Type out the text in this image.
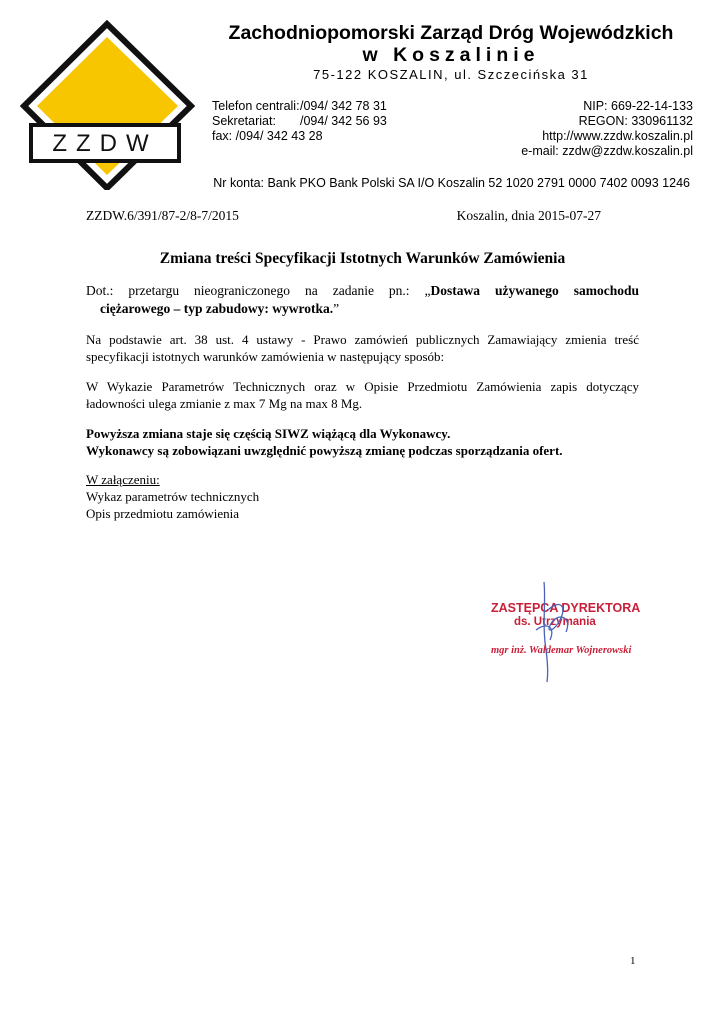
ZZDW
Zachodniopomorski Zarząd Dróg Wojewódzkich
w Koszalinie
75-122 KOSZALIN, ul. Szczecińska 31
Telefon centrali:/094/ 342 78 31
Sekretariat: /094/ 342 56 93
fax: /094/ 342 43 28
NIP: 669-22-14-133
REGON: 330961132
http://www.zzdw.koszalin.pl
e-mail: zzdw@zzdw.koszalin.pl
Nr konta: Bank PKO Bank Polski SA I/O Koszalin 52 1020 2791 0000 7402 0093 1246
ZZDW.6/391/87-2/8-7/2015	Koszalin, dnia 2015-07-27
Zmiana treści Specyfikacji Istotnych Warunków Zamówienia
Dot.: przetargu nieograniczonego na zadanie pn.: „Dostawa używanego samochodu
ciężarowego – typ zabudowy: wywrotka.”
Na podstawie art. 38 ust. 4 ustawy - Prawo zamówień publicznych Zamawiający zmienia treść
specyfikacji istotnych warunków zamówienia w następujący sposób:
W Wykazie Parametrów Technicznych oraz w Opisie Przedmiotu Zamówienia zapis dotyczący
ładowności ulega zmianie z max 7 Mg na max 8 Mg.
Powyższa zmiana staje się częścią SIWZ wiążącą dla Wykonawcy.
Wykonawcy są zobowiązani uwzględnić powyższą zmianę podczas sporządzania ofert.
W załączeniu:
Wykaz parametrów technicznych
Opis przedmiotu zamówienia
ZASTĘPCA DYREKTORA
ds. Utrzymania
mgr inż. Waldemar Wojnerowski
1
